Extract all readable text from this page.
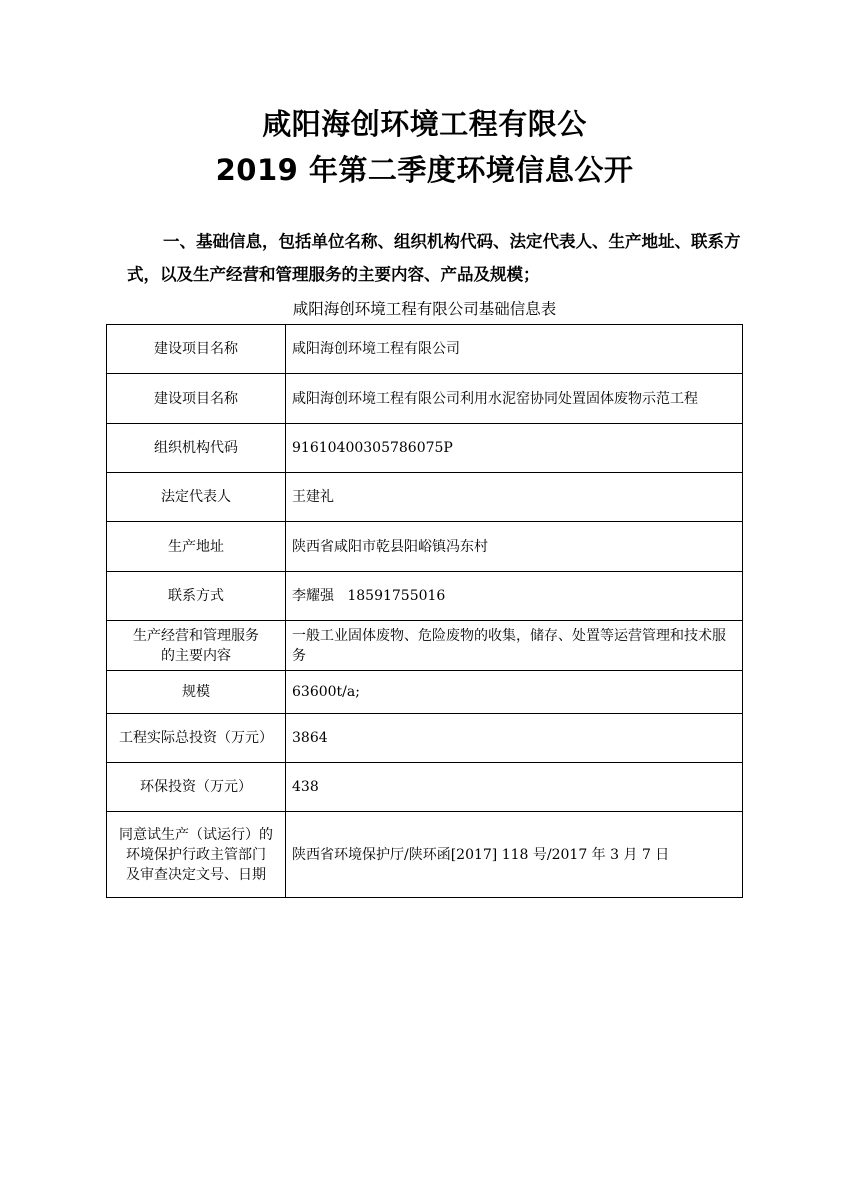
咸阳海创环境工程有限公
2019 年第二季度环境信息公开
一、基础信息，包括单位名称、组织机构代码、法定代表人、生产地址、联系方式，以及生产经营和管理服务的主要内容、产品及规模；
咸阳海创环境工程有限公司基础信息表
建设项目名称	咸阳海创环境工程有限公司
建设项目名称	咸阳海创环境工程有限公司利用水泥窑协同处置固体废物示范工程
组织机构代码	91610400305786075P
法定代表人	王建礼
生产地址	陕西省咸阳市乾县阳峪镇冯东村
联系方式	李耀强   18591755016

生产经营和管理服务
的主要内容	一般工业固体废物、危险废物的收集，储存、处置等运营管理和技术服务
规模	63600t/a;
工程实际总投资（万元）	3864
环保投资（万元）	438

同意试生产（试运行）的
环境保护行政主管部门
及审查决定文号、日期	陕西省环境保护厅/陕环函[2017] 118 号/2017 年 3 月 7 日
